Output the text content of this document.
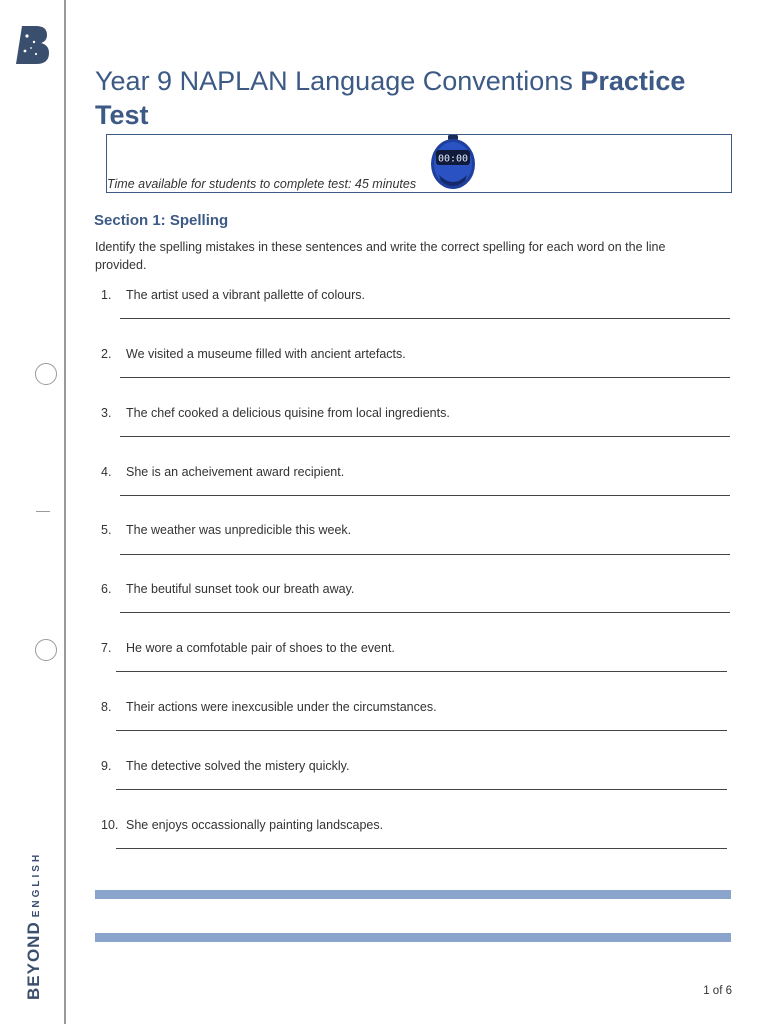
BEYONDENGLISH
Year 9 NAPLAN Language Conventions Practice Test
Time available for students to complete test: 45 minutes
00:00
Section 1: Spelling
Identify the spelling mistakes in these sentences and write the correct spelling for each word on the line provided.
1. The artist used a vibrant pallette of colours.
2. We visited a museume filled with ancient artefacts.
3. The chef cooked a delicious quisine from local ingredients.
4. She is an acheivement award recipient.
5. The weather was unpredicible this week.
6. The beutiful sunset took our breath away.
7. He wore a comfotable pair of shoes to the event.
8. Their actions were inexcusible under the circumstances.
9. The detective solved the mistery quickly.
10. She enjoys occassionally painting landscapes.
1 of 6
